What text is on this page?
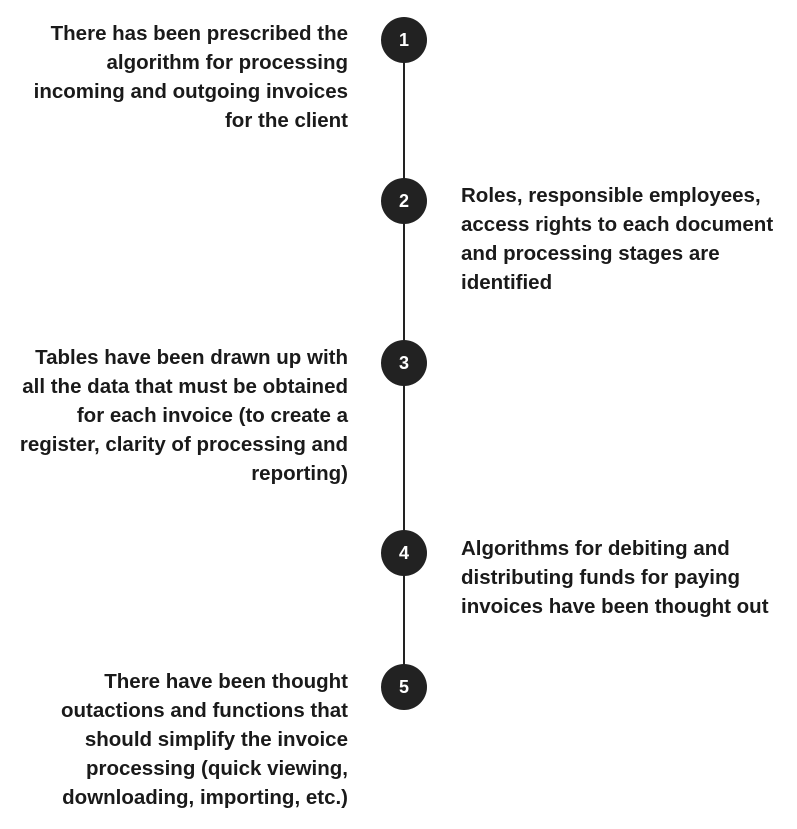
1
There has been prescribed the algorithm for processing incoming and outgoing invoices for the client
2	Roles, responsible employees, access rights to each document and processing stages are identified
3
Tables have been drawn up with all the data that must be obtained for each invoice (to create a register, clarity of processing and reporting)
4	Algorithms for debiting and distributing funds for paying invoices have been thought out
5
There have been thought outactions and functions that should simplify the invoice processing (quick viewing, downloading, importing, etc.)
